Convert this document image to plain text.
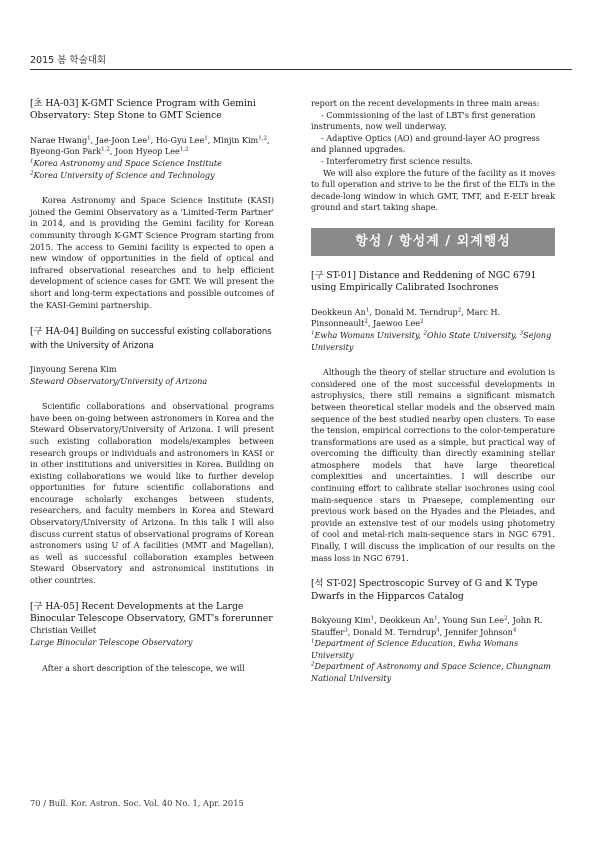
2015 봄 학술대회
[초 HA-03] K-GMT Science Program with Gemini Observatory: Step Stone to GMT Science

Narae Hwang$^1$, Jae-Joon Lee$^1$, Ho-Gyu Lee$^1$, Minjin Kim$^{1,2}$, Byeong-Gon Park$^{1,2}$, Joon Hyeop Lee$^{1,2}$

$^1$Korea Astronomy and Space Science Institute
$^2$Korea University of Science and Technology

Korea Astronomy and Space Science Institute (KASI) joined the Gemini Observatory as a 'Limited-Term Partner' in 2014, and is providing the Gemini facility for Korean community through K-GMT Science Program starting from 2015. The access to Gemini facility is expected to open a new window of opportunities in the field of optical and infrared observational researches and to help efficient development of science cases for GMT. We will present the short and long-term expectations and possible outcomes of the KASI-Gemini partnership.

[구 HA-04] Building on successful existing collaborations with the University of Arizona

Jinyoung Serena Kim

Steward Observatory/University of Arizona

Scientific collaborations and observational programs have been on-going between astronomers in Korea and the Steward Observatory/University of Arizona. I will present such existing collaboration models/examples between research groups or individuals and astronomers in KASI or in other institutions and universities in Korea. Building on existing collaborations we would like to further develop opportunities for future scientific collaborations and encourage scholarly exchanges between students, researchers, and faculty members in Korea and Steward Observatory/University of Arizona. In this talk I will also discuss current status of observational programs of Korean astronomers using U of A facilities (MMT and Magellan), as well as successful collaboration examples between Steward Observatory and astronomical institutions in other countries.

[구 HA-05] Recent Developments at the Large Binocular Telescope Observatory, GMT's forerunner

Christian Veillet

Large Binocular Telescope Observatory

After a short description of the telescope, we will

report on the recent developments in three main areas:

- Commissioning of the last of LBT's first generation instruments, now well underway.

- Adaptive Optics (AO) and ground-layer AO progress and planned upgrades.

- Interferometry first science results.

We will also explore the future of the facility as it moves to full operation and strive to be the first of the ELTs in the decade-long window in which GMT, TMT, and E-ELT break ground and start taking shape.

항성 / 항성계 / 외계행성
[구 ST-01] Distance and Reddening of NGC 6791 using Empirically Calibrated Isochrones

Deokkeun An$^1$, Donald M. Terndrup$^2$, Marc H. Pinsonneault$^2$, Jaewoo Lee$^2$

$^1$Ewha Womans University, $^2$Ohio State University, $^3$Sejong University

Although the theory of stellar structure and evolution is considered one of the most successful developments in astrophysics, there still remains a significant mismatch between theoretical stellar models and the observed main sequence of the best studied nearby open clusters. To ease the tension, empirical corrections to the color-temperature transformations are used as a simple, but practical way of overcoming the difficulty than directly examining stellar atmosphere models that have large theoretical complexities and uncertainties. I will describe our continuing effort to calibrate stellar isochrones using cool main-sequence stars in Praesepe, complementing our previous work based on the Hyades and the Pleiades, and provide an extensive test of our models using photometry of cool and metal-rich main-sequence stars in NGC 6791. Finally, I will discuss the implication of our results on the mass loss in NGC 6791.

[석 ST-02] Spectroscopic Survey of G and K Type Dwarfs in the Hipparcos Catalog

Bokyoung Kim$^1$, Deokkeun An$^1$, Young Sun Lee$^2$, John R. Stauffer$^3$, Donald M. Terndrup$^4$, Jennifer Johnson$^4$

$^1$Department of Science Education, Ewha Womans University
$^2$Department of Astronomy and Space Science, Chungnam National University
70 / Bull. Kor. Astron. Soc. Vol. 40 No. 1, Apr. 2015
